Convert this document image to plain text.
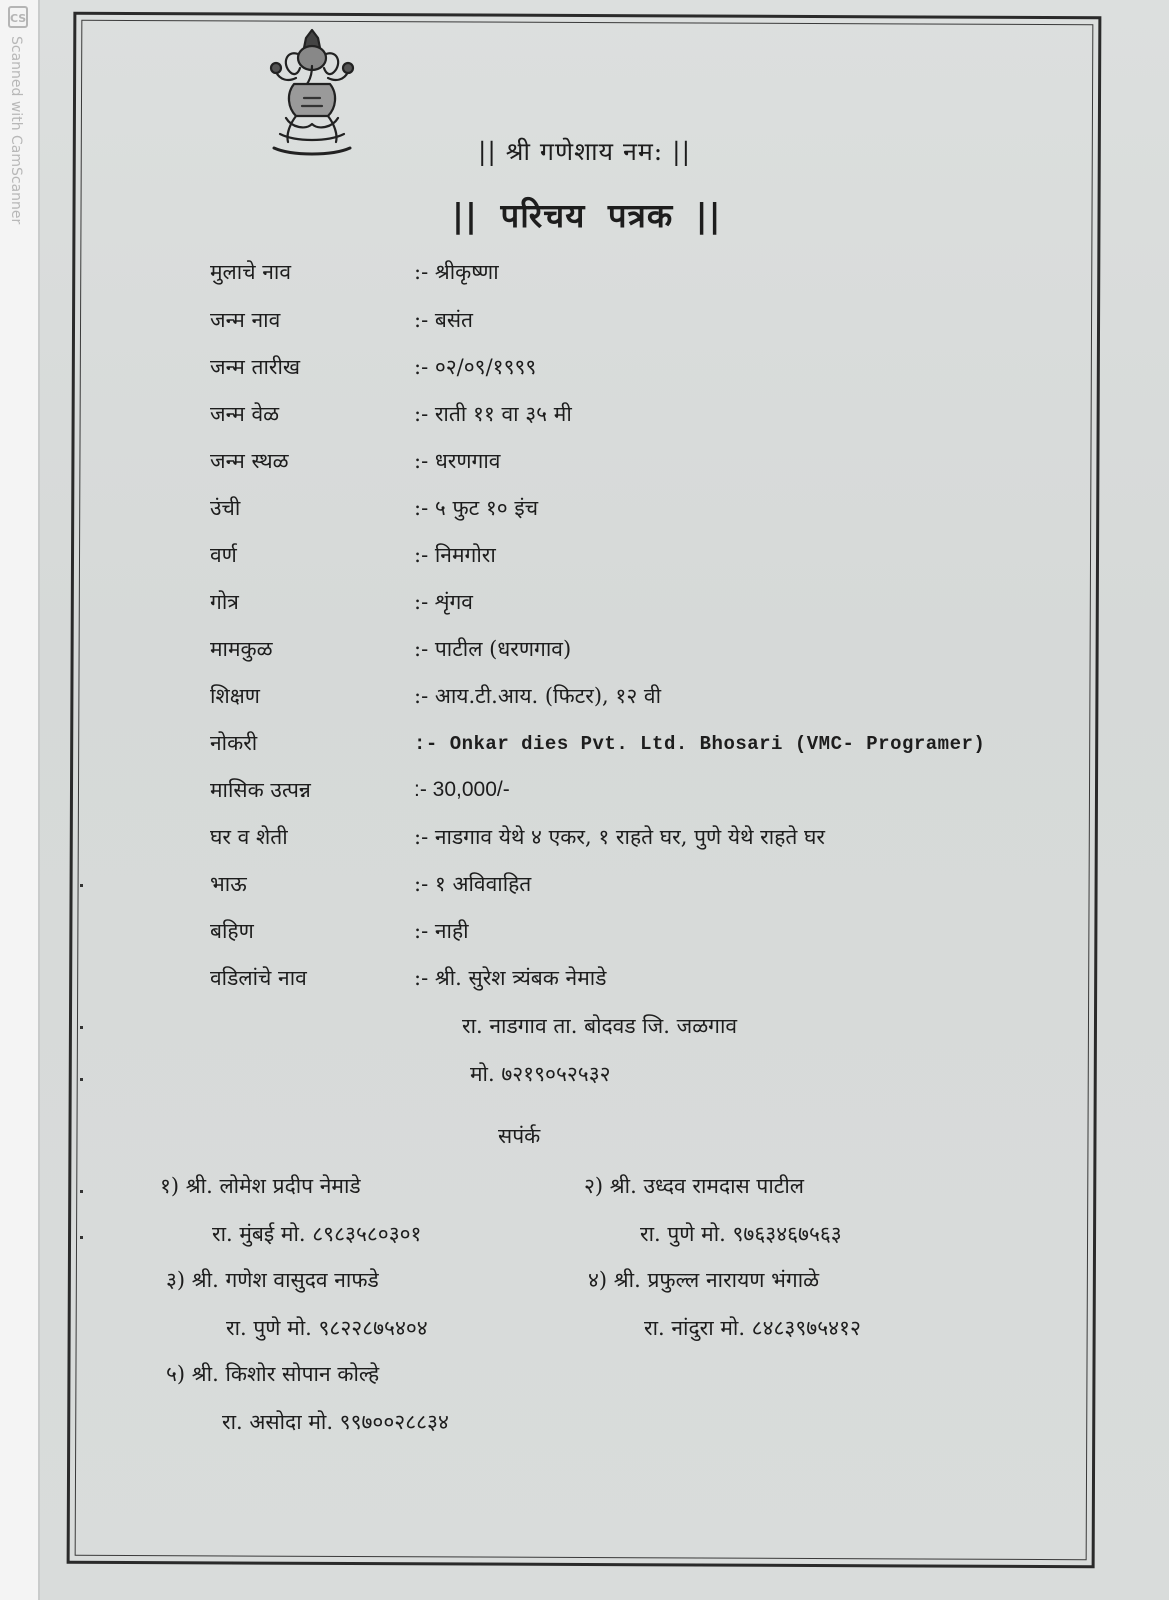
CS
Scanned with CamScanner	|| श्री गणेशाय नम: ||
|| परिचय पत्रक ||
मुलाचे नाव	:- श्रीकृष्णा
जन्म नाव	:- बसंत
जन्म तारीख	:- ०२/०९/१९९९
जन्म वेळ	:- राती ११ वा ३५ मी
जन्म स्थळ	:- धरणगाव
उंची	:- ५ फुट १० इंच
वर्ण	:- निमगोरा
गोत्र	:- शृंगव
मामकुळ	:- पाटील (धरणगाव)
शिक्षण	:- आय.टी.आय. (फिटर), १२ वी
नोकरी	:- Onkar dies Pvt. Ltd. Bhosari (VMC- Programer)
मासिक उत्पन्न	:- 30,000/-
घर व शेती	:- नाडगाव येथे ४ एकर, १ राहते घर, पुणे येथे राहते घर
भाऊ	:- १ अविवाहित
बहिण	:- नाही
वडिलांचे नाव	:- श्री. सुरेश त्र्यंबक नेमाडे
रा. नाडगाव ता. बोदवड जि. जळगाव
मो. ७२१९०५२५३२
सपंर्क
१) श्री. लोमेश प्रदीप नेमाडे
रा. मुंबई मो. ८९८३५८०३०१
२) श्री. उध्दव रामदास पाटील
रा. पुणे मो. ९७६३४६७५६३
३) श्री. गणेश वासुदव नाफडे
रा. पुणे मो. ९८२२८७५४०४
४) श्री. प्रफुल्ल नारायण भंगाळे
रा. नांदुरा मो. ८४८३९७५४१२
५) श्री. किशोर सोपान कोल्हे
रा. असोदा मो. ९९७००२८८३४
